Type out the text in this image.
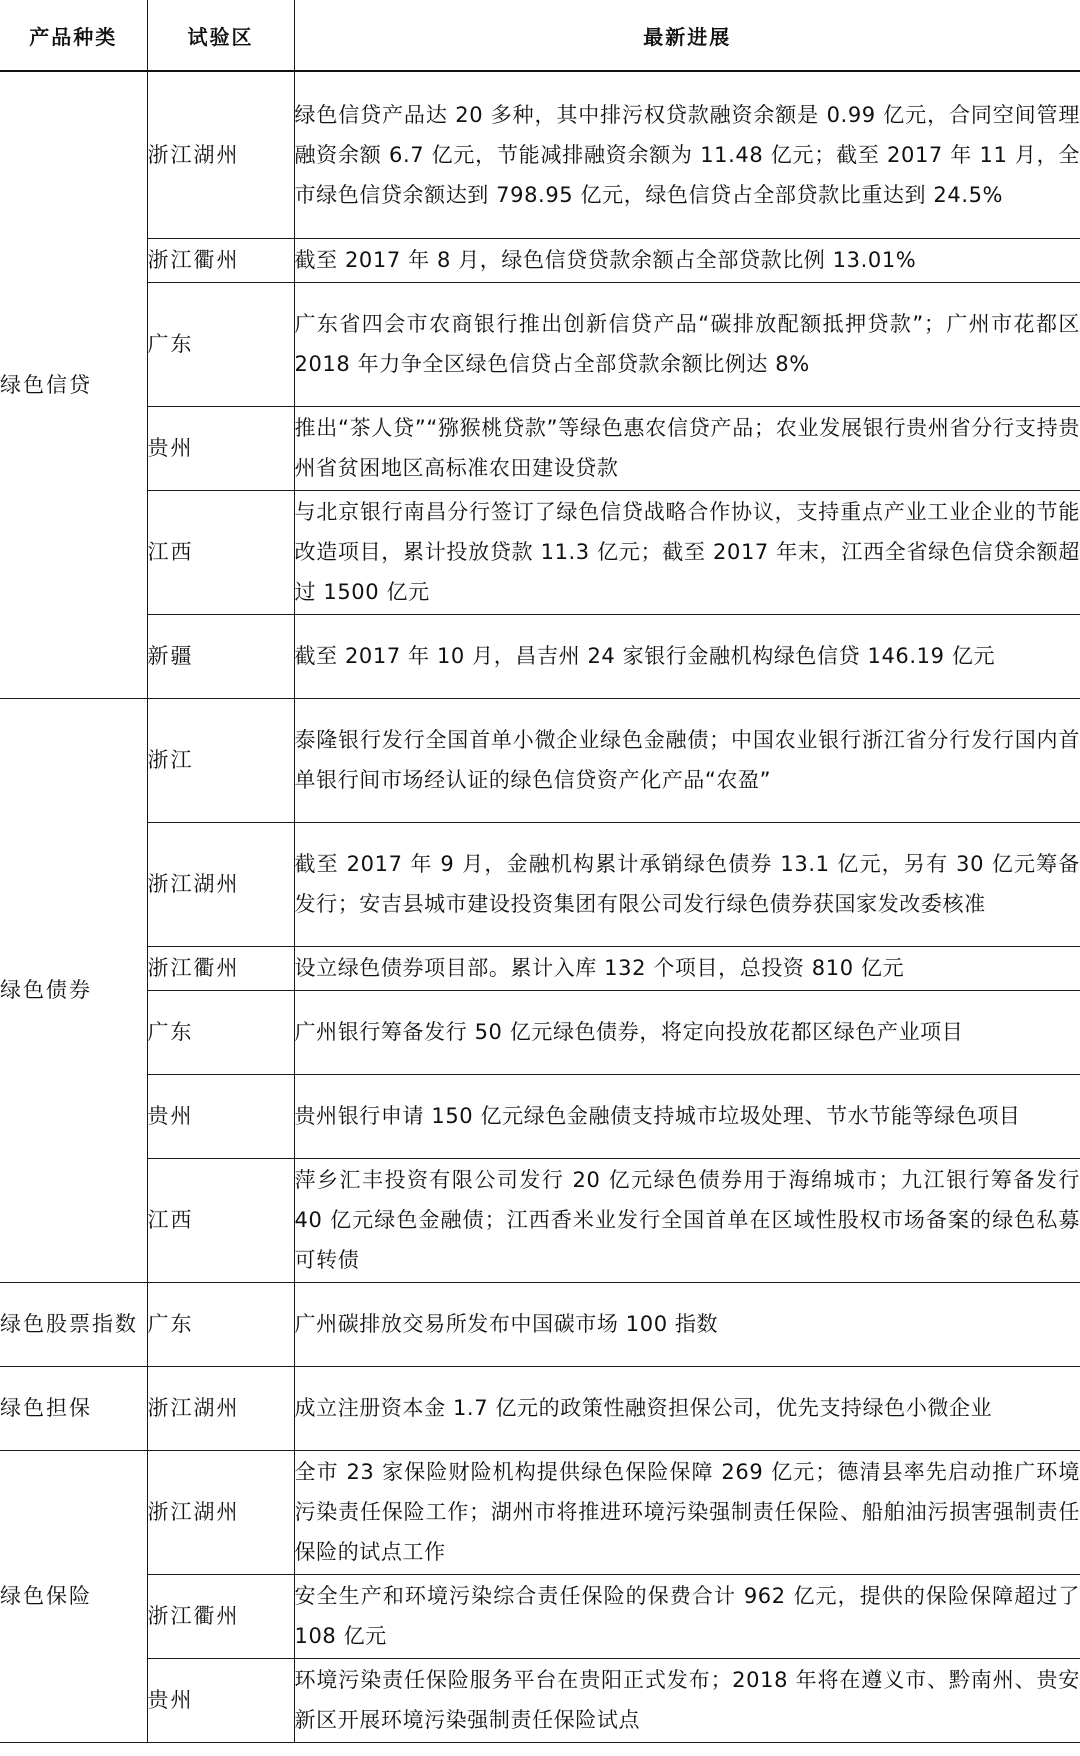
产品种类	试验区	最新进展
绿色信贷	浙江湖州	绿色信贷产品达 20 多种，其中排污权贷款融资余额是 0.99 亿元，合同空间管理融资余额 6.7 亿元，节能减排融资余额为 11.48 亿元；截至 2017 年 11 月，全市绿色信贷余额达到 798.95 亿元，绿色信贷占全部贷款比重达到 24.5%
	浙江衢州	截至 2017 年 8 月，绿色信贷贷款余额占全部贷款比例 13.01%
	广东	广东省四会市农商银行推出创新信贷产品“碳排放配额抵押贷款”；广州市花都区 2018 年力争全区绿色信贷占全部贷款余额比例达 8%
	贵州	推出“茶人贷”“猕猴桃贷款”等绿色惠农信贷产品；农业发展银行贵州省分行支持贵州省贫困地区高标准农田建设贷款
	江西	与北京银行南昌分行签订了绿色信贷战略合作协议，支持重点产业工业企业的节能改造项目，累计投放贷款 11.3 亿元；截至 2017 年末，江西全省绿色信贷余额超过 1500 亿元
	新疆	截至 2017 年 10 月，昌吉州 24 家银行金融机构绿色信贷 146.19 亿元
绿色债券	浙江	泰隆银行发行全国首单小微企业绿色金融债；中国农业银行浙江省分行发行国内首单银行间市场经认证的绿色信贷资产化产品“农盈”
	浙江湖州	截至 2017 年 9 月，金融机构累计承销绿色债券 13.1 亿元，另有 30 亿元筹备发行；安吉县城市建设投资集团有限公司发行绿色债券获国家发改委核准
	浙江衢州	设立绿色债券项目部。累计入库 132 个项目，总投资 810 亿元
	广东	广州银行筹备发行 50 亿元绿色债券，将定向投放花都区绿色产业项目
	贵州	贵州银行申请 150 亿元绿色金融债支持城市垃圾处理、节水节能等绿色项目
	江西	萍乡汇丰投资有限公司发行 20 亿元绿色债券用于海绵城市；九江银行筹备发行 40 亿元绿色金融债；江西香米业发行全国首单在区域性股权市场备案的绿色私募可转债
绿色股票指数	广东	广州碳排放交易所发布中国碳市场 100 指数
绿色担保	浙江湖州	成立注册资本金 1.7 亿元的政策性融资担保公司，优先支持绿色小微企业
绿色保险	浙江湖州	全市 23 家保险财险机构提供绿色保险保障 269 亿元；德清县率先启动推广环境污染责任保险工作；湖州市将推进环境污染强制责任保险、船舶油污损害强制责任保险的试点工作
	浙江衢州	安全生产和环境污染综合责任保险的保费合计 962 亿元，提供的保险保障超过了 108 亿元
	贵州	环境污染责任保险服务平台在贵阳正式发布；2018 年将在遵义市、黔南州、贵安新区开展环境污染强制责任保险试点
